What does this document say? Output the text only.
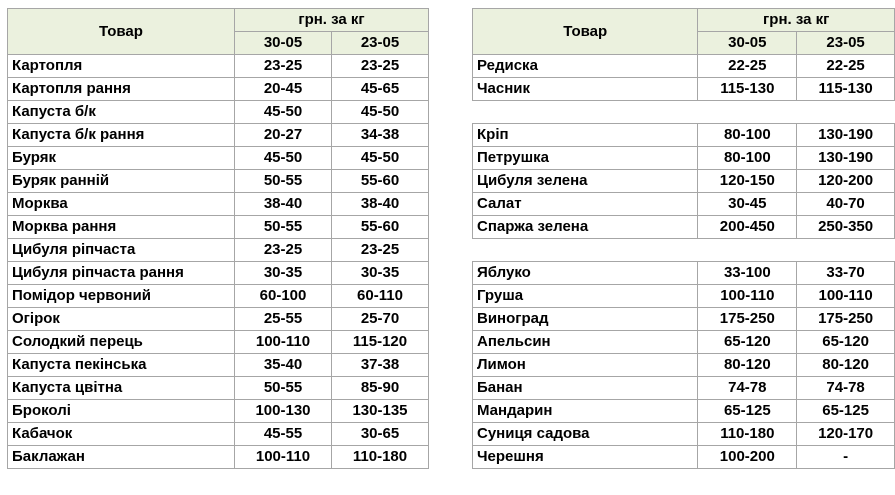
Товар	грн. за кг	
	30-05	23-05
Картопля	23-25	23-25
Картопля рання	20-45	45-65
Капуста б/к	45-50	45-50
Капуста б/к рання	20-27	34-38
Буряк	45-50	45-50
Буряк ранній	50-55	55-60
Морква	38-40	38-40
Морква рання	50-55	55-60
Цибуля ріпчаста	23-25	23-25
Цибуля ріпчаста рання	30-35	30-35
Помідор червоний	60-100	60-110
Огірок	25-55	25-70
Солодкий перець	100-110	115-120
Капуста пекінська	35-40	37-38
Капуста цвітна	50-55	85-90
Броколі	100-130	130-135
Кабачок	45-55	30-65
Баклажан	100-110	110-180
Товар	грн. за кг	
	30-05	23-05
Редиска	22-25	22-25
Часник	115-130	115-130

Кріп	80-100	130-190
Петрушка	80-100	130-190
Цибуля зелена	120-150	120-200
Салат	30-45	40-70
Спаржа зелена	200-450	250-350

Яблуко	33-100	33-70
Груша	100-110	100-110
Виноград	175-250	175-250
Апельсин	65-120	65-120
Лимон	80-120	80-120
Банан	74-78	74-78
Мандарин	65-125	65-125
Суниця садова	110-180	120-170
Черешня	100-200	-
